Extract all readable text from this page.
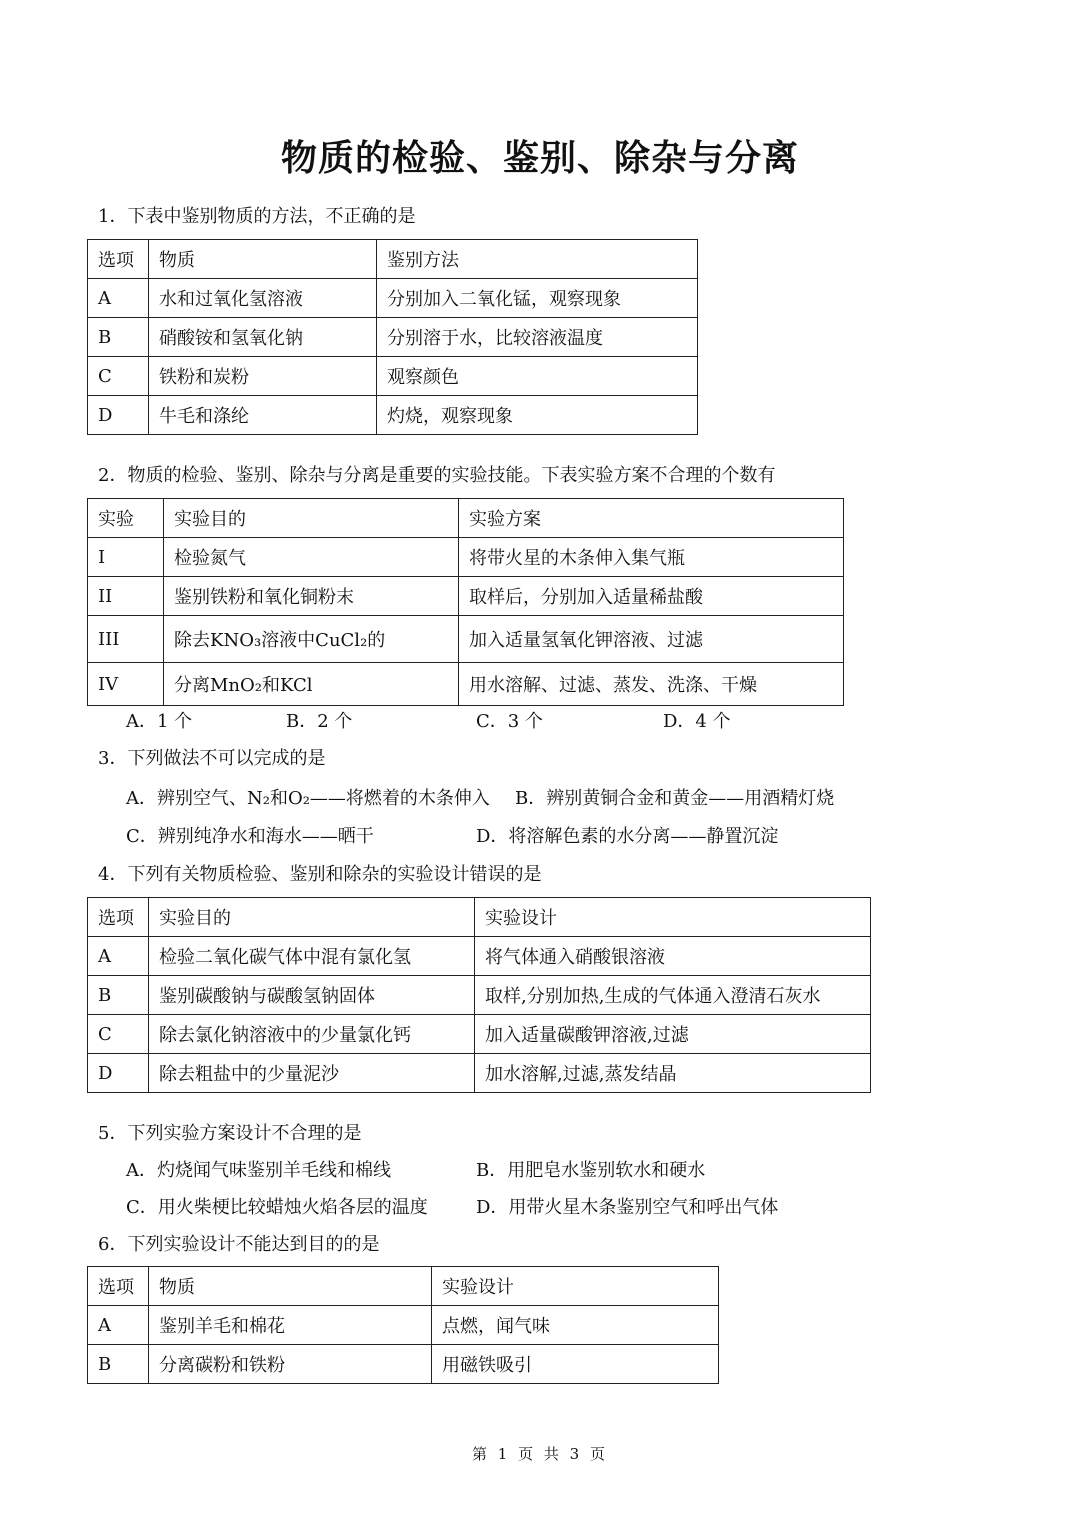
物质的检验、鉴别、除杂与分离
1．下表中鉴别物质的方法，不正确的是
选项	物质	鉴别方法
A	水和过氧化氢溶液	分别加入二氧化锰，观察现象
B	硝酸铵和氢氧化钠	分别溶于水，比较溶液温度
C	铁粉和炭粉	观察颜色
D	牛毛和涤纶	灼烧，观察现象
2．物质的检验、鉴别、除杂与分离是重要的实验技能。下表实验方案不合理的个数有
实验	实验目的	实验方案
I	检验氮气	将带火星的木条伸入集气瓶
II	鉴别铁粉和氧化铜粉末	取样后，分别加入适量稀盐酸
III	除去KNO₃溶液中CuCl₂的	加入适量氢氧化钾溶液、过滤
IV	分离MnO₂和KCl	用水溶解、过滤、蒸发、洗涤、干燥
A．1 个	B．2 个	C．3 个	D．4 个
3．下列做法不可以完成的是
A．辨别空气、N₂和O₂——将燃着的木条伸入 B．辨别黄铜合金和黄金——用酒精灯烧
C．辨别纯净水和海水——晒干	D．将溶解色素的水分离——静置沉淀
4．下列有关物质检验、鉴别和除杂的实验设计错误的是
选项	实验目的	实验设计
A	检验二氧化碳气体中混有氯化氢	将气体通入硝酸银溶液
B	鉴别碳酸钠与碳酸氢钠固体	取样,分别加热,生成的气体通入澄清石灰水
C	除去氯化钠溶液中的少量氯化钙	加入适量碳酸钾溶液,过滤
D	除去粗盐中的少量泥沙	加水溶解,过滤,蒸发结晶
5．下列实验方案设计不合理的是
A．灼烧闻气味鉴别羊毛线和棉线	B．用肥皂水鉴别软水和硬水
C．用火柴梗比较蜡烛火焰各层的温度	D．用带火星木条鉴别空气和呼出气体
6．下列实验设计不能达到目的的是
选项	物质	实验设计
A	鉴别羊毛和棉花	点燃，闻气味
B	分离碳粉和铁粉	用磁铁吸引
第 1 页 共 3 页
